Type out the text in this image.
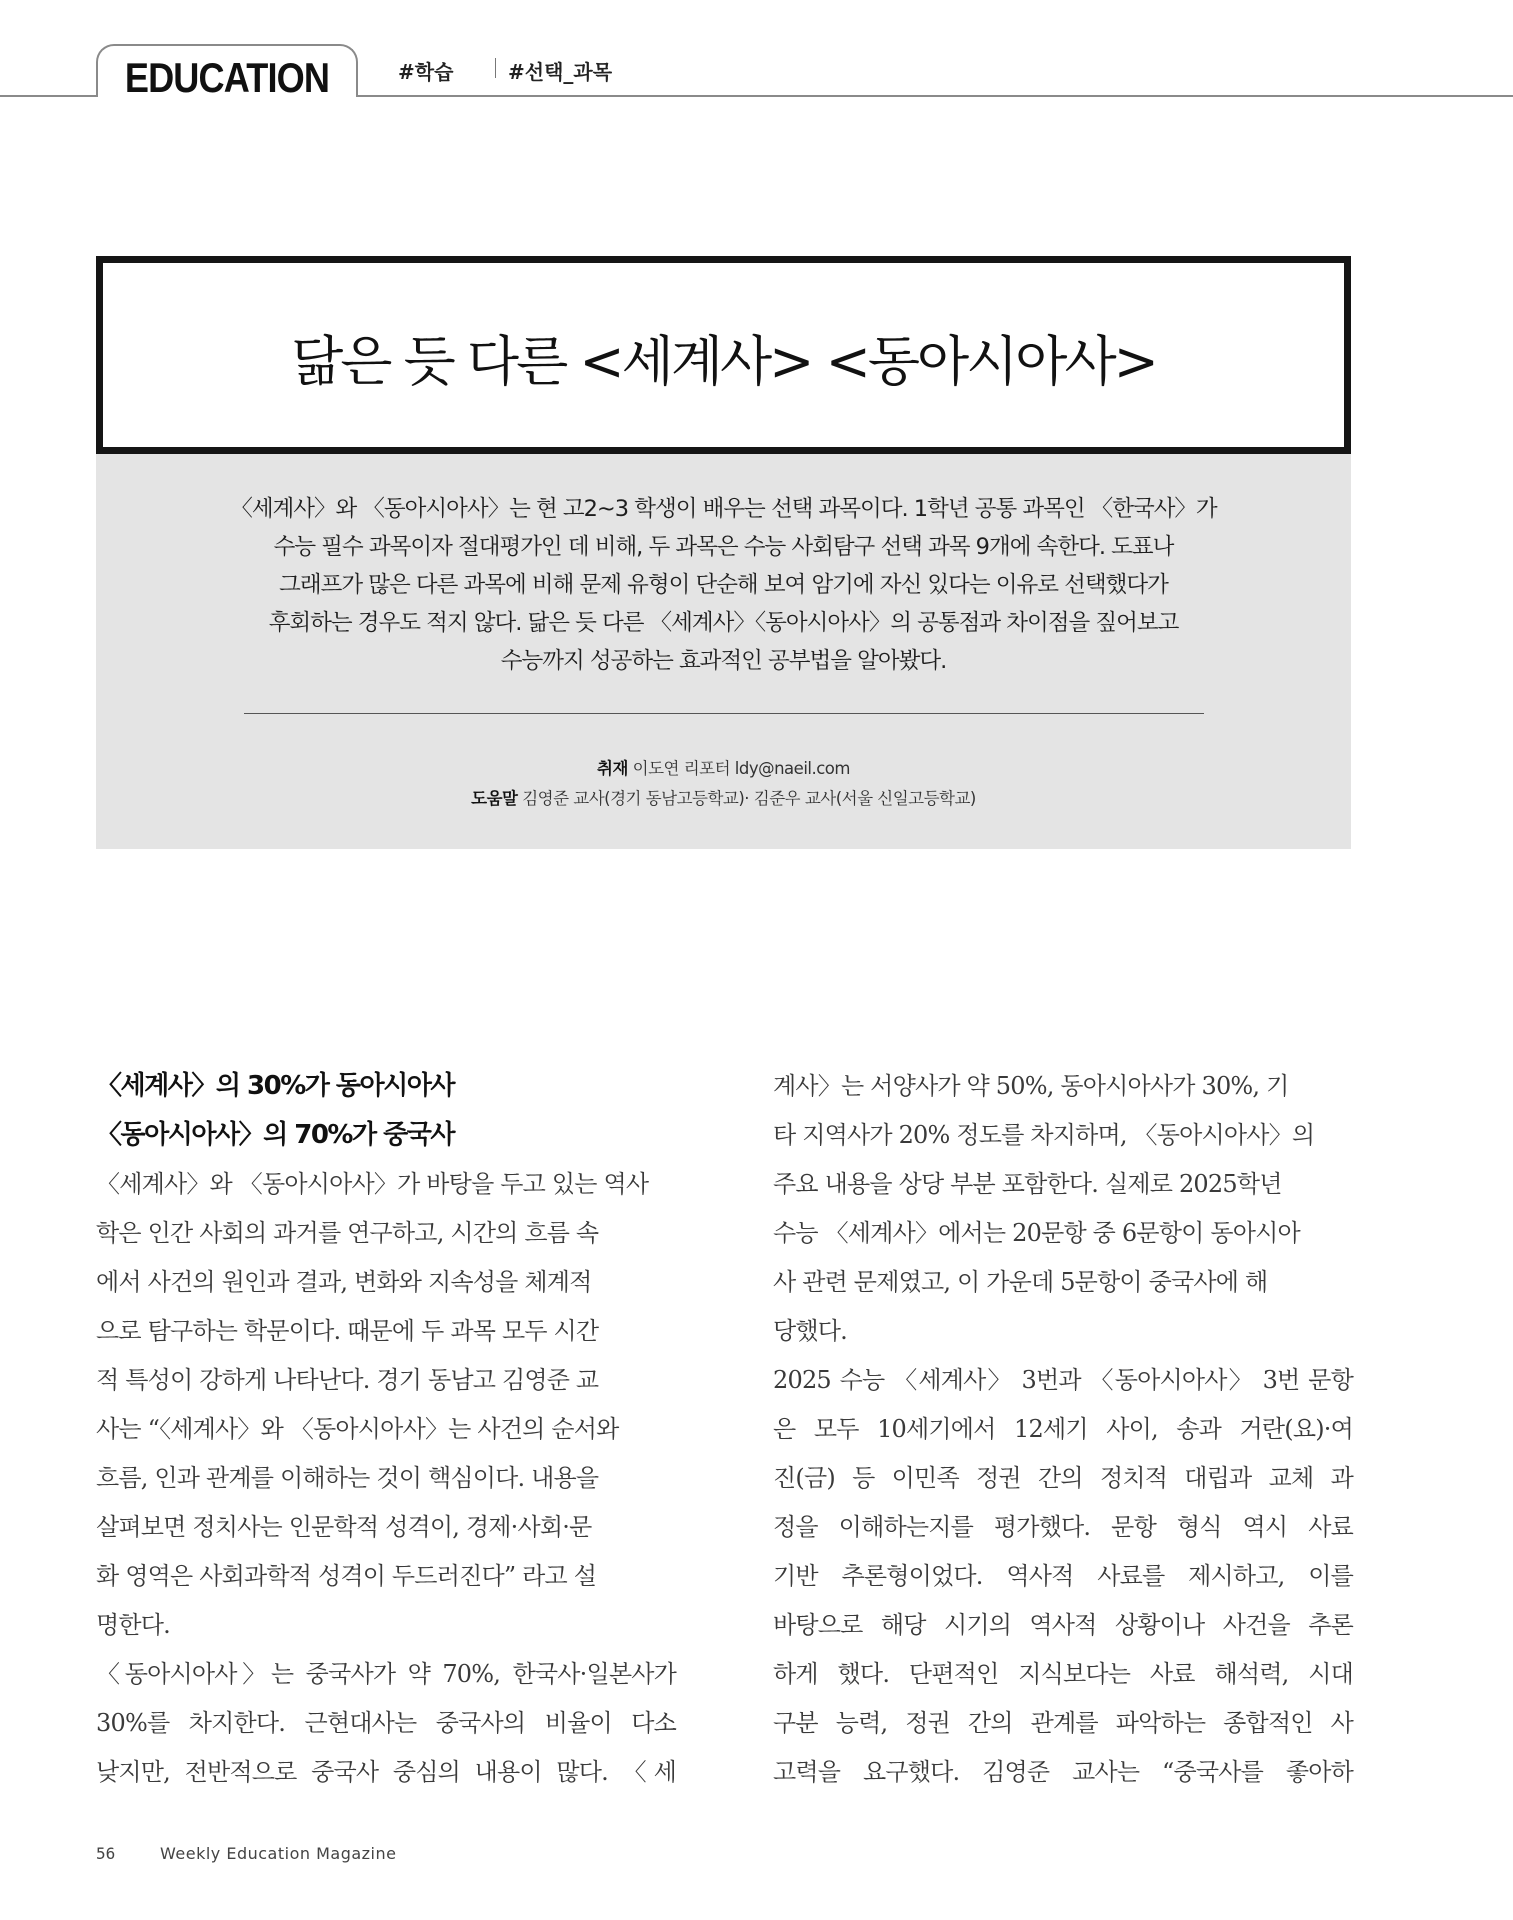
EDUCATION	#학습	#선택_과목
닮은 듯 다른 <세계사> <동아시아사>
〈세계사〉와 〈동아시아사〉는 현 고2~3 학생이 배우는 선택 과목이다. 1학년 공통 과목인 〈한국사〉가
수능 필수 과목이자 절대평가인 데 비해, 두 과목은 수능 사회탐구 선택 과목 9개에 속한다. 도표나
그래프가 많은 다른 과목에 비해 문제 유형이 단순해 보여 암기에 자신 있다는 이유로 선택했다가
후회하는 경우도 적지 않다. 닮은 듯 다른 〈세계사〉〈동아시아사〉의 공통점과 차이점을 짚어보고
수능까지 성공하는 효과적인 공부법을 알아봤다.
취재 이도연 리포터 ldy@naeil.com
도움말 김영준 교사(경기 동남고등학교)· 김준우 교사(서울 신일고등학교)
〈세계사〉의 30%가 동아시아사
〈동아시아사〉의 70%가 중국사
〈세계사〉와 〈동아시아사〉가 바탕을 두고 있는 역사
학은 인간 사회의 과거를 연구하고, 시간의 흐름 속
에서 사건의 원인과 결과, 변화와 지속성을 체계적
으로 탐구하는 학문이다. 때문에 두 과목 모두 시간
적 특성이 강하게 나타난다. 경기 동남고 김영준 교
사는 “〈세계사〉와 〈동아시아사〉는 사건의 순서와
흐름, 인과 관계를 이해하는 것이 핵심이다. 내용을
살펴보면 정치사는 인문학적 성격이, 경제·사회·문
화 영역은 사회과학적 성격이 두드러진다” 라고 설
명한다.
〈동아시아사〉는 중국사가 약 70%, 한국사·일본사가
30%를 차지한다. 근현대사는 중국사의 비율이 다소
낮지만, 전반적으로 중국사 중심의 내용이 많다. 〈세
계사〉는 서양사가 약 50%, 동아시아사가 30%, 기
타 지역사가 20% 정도를 차지하며, 〈동아시아사〉의
주요 내용을 상당 부분 포함한다. 실제로 2025학년
수능 〈세계사〉에서는 20문항 중 6문항이 동아시아
사 관련 문제였고, 이 가운데 5문항이 중국사에 해
당했다.
2025 수능 〈세계사〉 3번과 〈동아시아사〉 3번 문항
은 모두 10세기에서 12세기 사이, 송과 거란(요)·여
진(금) 등 이민족 정권 간의 정치적 대립과 교체 과
정을 이해하는지를 평가했다. 문항 형식 역시 사료
기반 추론형이었다. 역사적 사료를 제시하고, 이를
바탕으로 해당 시기의 역사적 상황이나 사건을 추론
하게 했다. 단편적인 지식보다는 사료 해석력, 시대
구분 능력, 정권 간의 관계를 파악하는 종합적인 사
고력을 요구했다. 김영준 교사는 “중국사를 좋아하
56	Weekly Education Magazine
